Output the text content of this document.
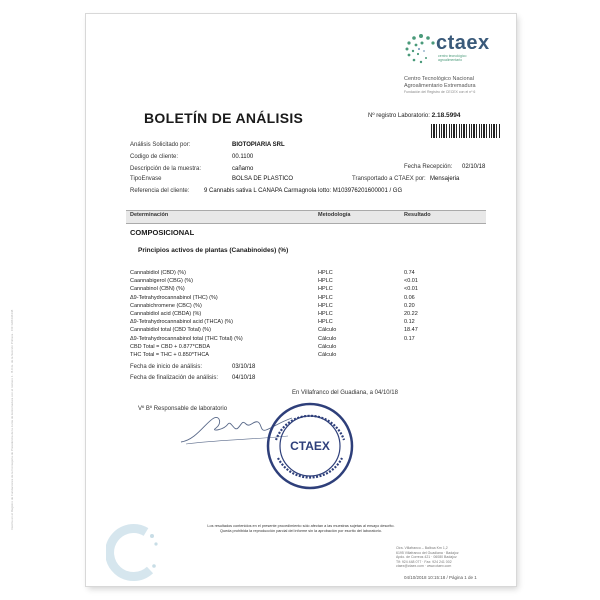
ctaex
centro tecnológico agroalimentario
Centro Tecnológico Nacional
Agroalimentario Extremadura
Fundación del Registro de CECEX con el nº 6
BOLETÍN DE ANÁLISIS	Nº registro Laboratorio: 2.18.5994
Análisis Solicitado por:	BIOTOPIARIA SRL
Codigo de cliente:	00.1100
Descripción de la muestra:	cañamo	Fecha Recepción: 02/10/18
TipoEnvase	BOLSA DE PLASTICO	Transportado a CTAEX por: Mensajeria
Referencia del cliente: 9 Cannabis sativa L CANAPA Carmagnola lotto: M103976201600001 / GG
Determinación	Metodología	Resultado
COMPOSICIONAL
Principios activos de plantas (Canabinoides) (%)
Cannabidiol (CBD) (%)	HPLC	0.74
Caannabigerol (CBG) (%)	HPLC	<0.01
Cannabinol (CBN) (%)	HPLC	<0.01
Δ9-Tetrahydrocannabinol (THC) (%)	HPLC	0.06
Cannabichromene (CBC) (%)	HPLC	0.20
Cannabidiol acid (CBDA) (%)	HPLC	20.22
Δ9-Tetrahydrocannabinol acid (THCA) (%)	HPLC	0.12
Cannabidiol total (CBD Total) (%)	Cálculo	18.47
Δ9-Tetrahydrocannabinol total (THC Total) (%)	Cálculo	0.17
CBD Total = CBD + 0.877*CBDA	Cálculo
THC Total = THC + 0.850*THCA	Cálculo
Fecha de inicio de análisis:	03/10/18
Fecha de finalización de análisis: 04/10/18
En Villafranco del Guadiana, a 04/10/18
Vº Bº Responsable de laboratorio
CTAEX
Los resultados contenidos en el presente procedimiento sólo afectan a las muestras sujetas al ensayo descrito.
Queda prohibida la reproducción parcial del informe sin la aprobación por escrito del laboratorio.
Ctra. Villafranco – Balboa Km 1,2
6195 Villafranco del Guadiana · Badajoz
Apdo. de Correos 421 · 06080 Badajoz
Tlf: 924 448 077 · Fax: 924 241 002
ctaex@ctaex.com · www.ctaex.com
04/10/2018 10:15:18 / Página 1 de 1
Inscrita en el Registro de Fundaciones de la Consejería de Presidencia de la Junta de Extremadura con el número 1 · B.O.E. de la Sección Primera · CIF G06436448
